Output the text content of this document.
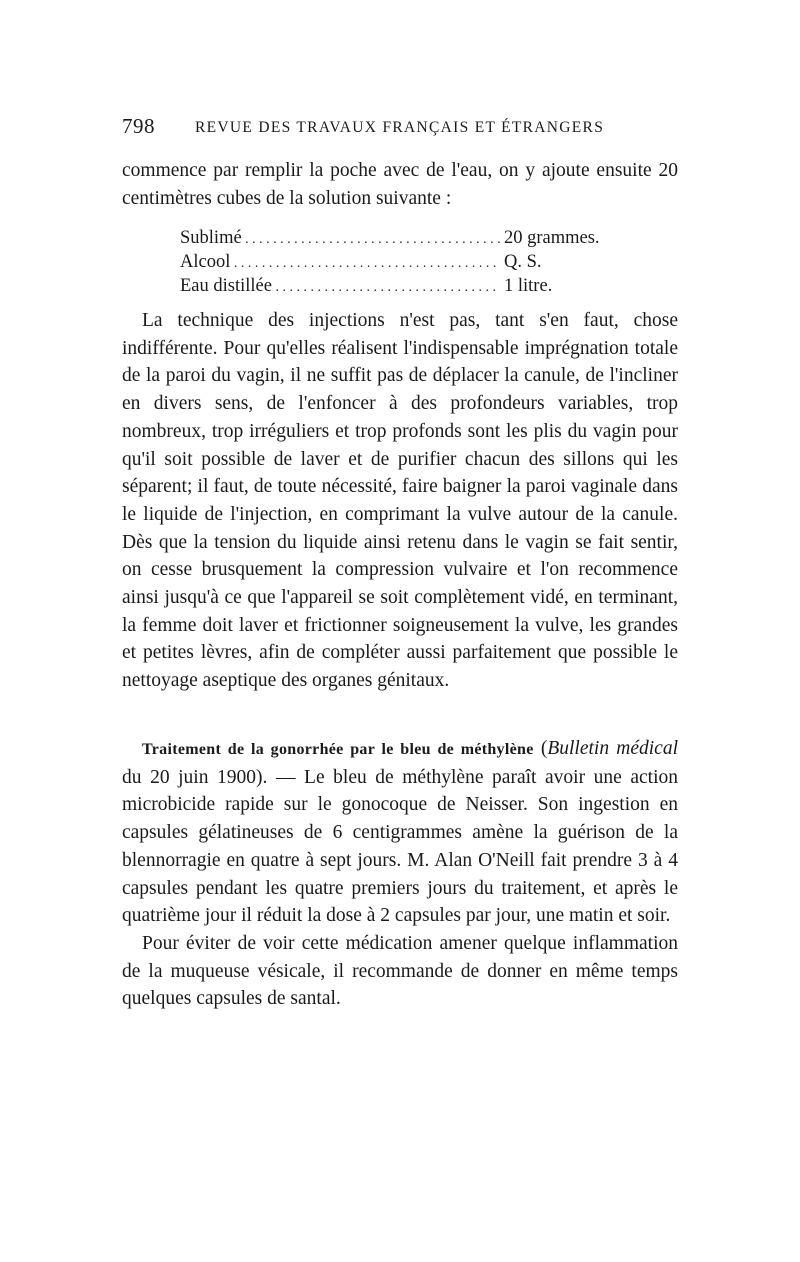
798	REVUE DES TRAVAUX FRANÇAIS ET ÉTRANGERS

commence par remplir la poche avec de l'eau, on y ajoute ensuite 20 centimètres cubes de la solution suivante :

Sublimé . . .	20 grammes.
Alcool . . .	Q. S.
Eau distillée . . .	1 litre.

La technique des injections n'est pas, tant s'en faut, chose indifférente. Pour qu'elles réalisent l'indispensable imprégnation totale de la paroi du vagin, il ne suffit pas de déplacer la canule, de l'incliner en divers sens, de l'enfoncer à des profondeurs variables, trop nombreux, trop irréguliers et trop profonds sont les plis du vagin pour qu'il soit possible de laver et de purifier chacun des sillons qui les séparent; il faut, de toute nécessité, faire baigner la paroi vaginale dans le liquide de l'injection, en comprimant la vulve autour de la canule. Dès que la tension du liquide ainsi retenu dans le vagin se fait sentir, on cesse brusquement la compression vulvaire et l'on recommence ainsi jusqu'à ce que l'appareil se soit complètement vidé, en terminant, la femme doit laver et frictionner soigneusement la vulve, les grandes et petites lèvres, afin de compléter aussi parfaitement que possible le nettoyage aseptique des organes génitaux.

Traitement de la gonorrhée par le bleu de méthylène (Bulletin médical du 20 juin 1900). — Le bleu de méthylène paraît avoir une action microbicide rapide sur le gonocoque de Neisser. Son ingestion en capsules gélatineuses de 6 centigrammes amène la guérison de la blennorragie en quatre à sept jours. M. Alan O'Neill fait prendre 3 à 4 capsules pendant les quatre premiers jours du traitement, et après le quatrième jour il réduit la dose à 2 capsules par jour, une matin et soir.

Pour éviter de voir cette médication amener quelque inflammation de la muqueuse vésicale, il recommande de donner en même temps quelques capsules de santal.
